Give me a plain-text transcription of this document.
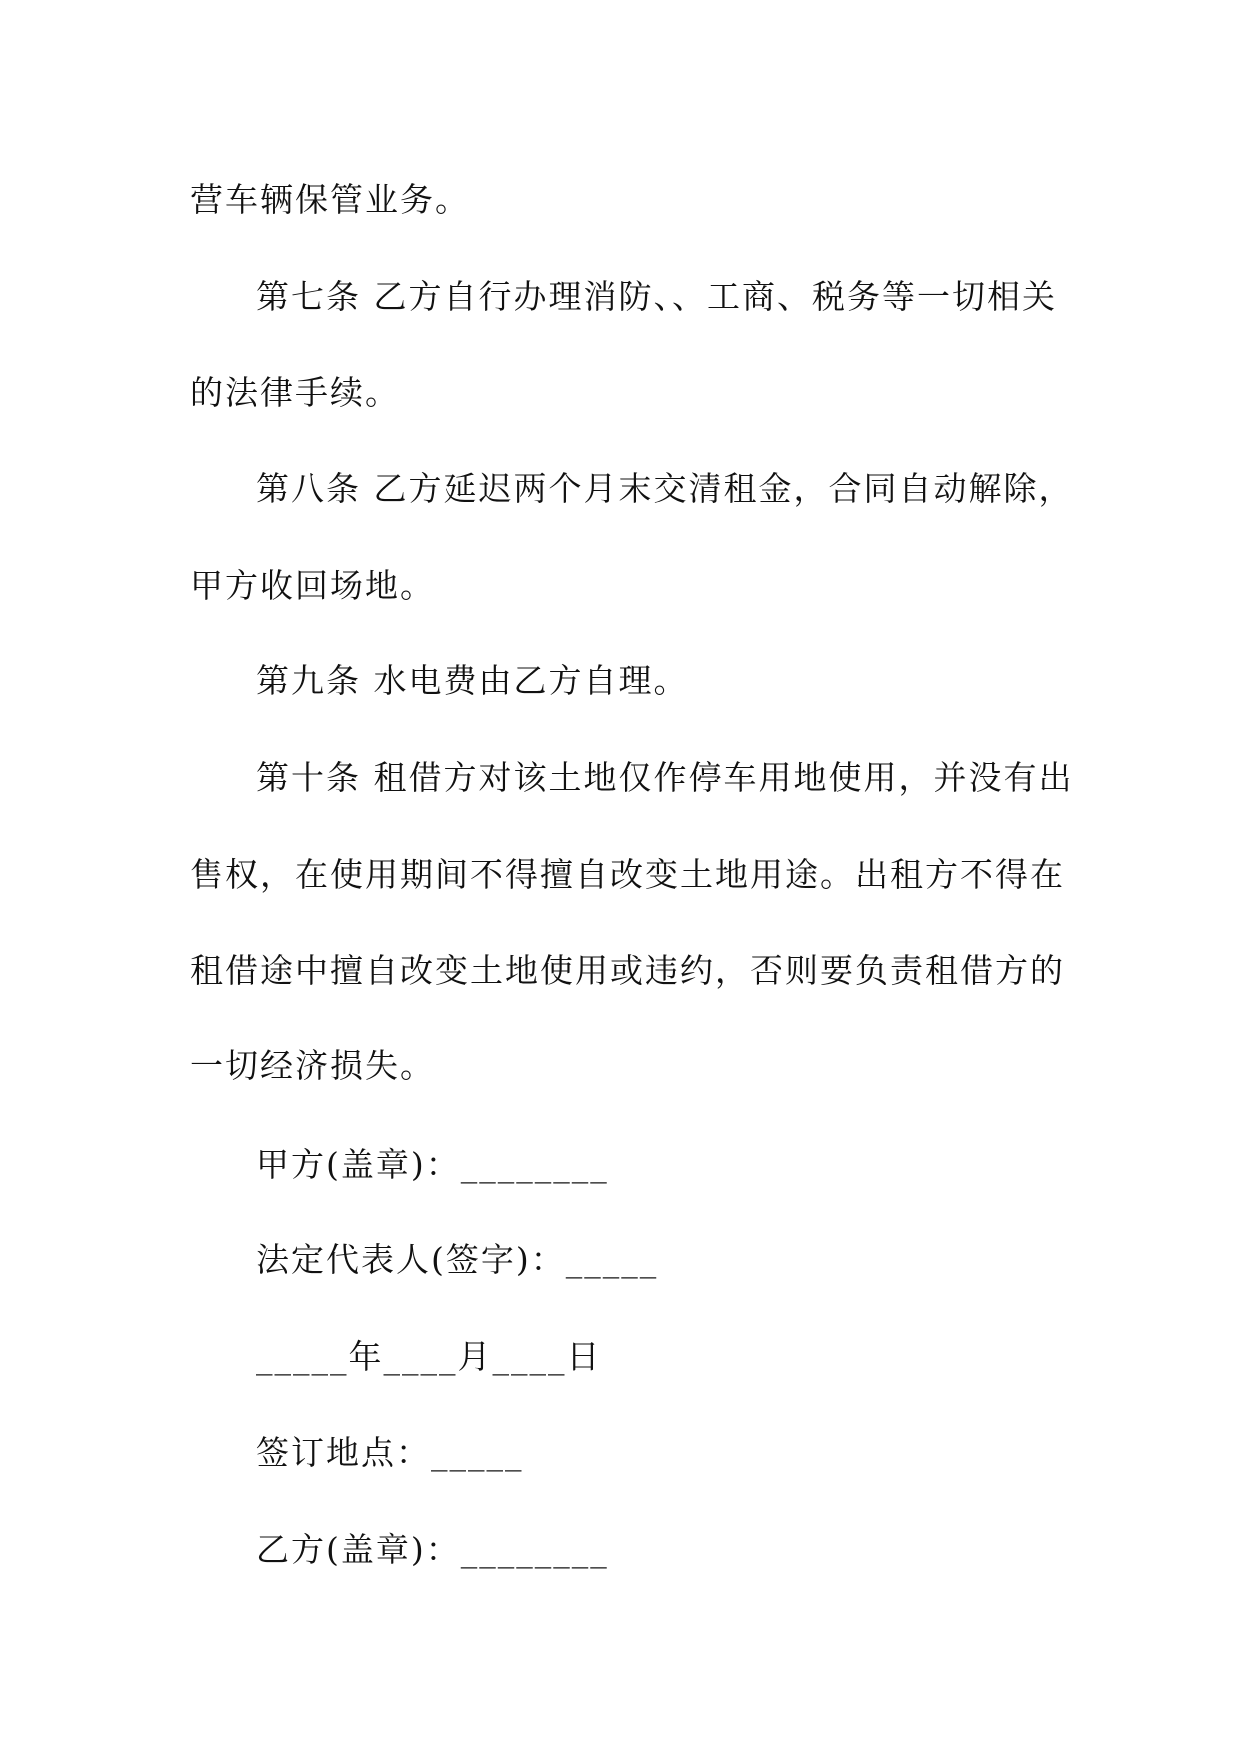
营车辆保管业务。
第七条 乙方自行办理消防、、工商、税务等一切相关
的法律手续。
第八条 乙方延迟两个月末交清租金，合同自动解除，
甲方收回场地。
第九条 水电费由乙方自理。
第十条 租借方对该土地仅作停车用地使用，并没有出
售权，在使用期间不得擅自改变土地用途。出租方不得在
租借途中擅自改变土地使用或违约，否则要负责租借方的
一切经济损失。
甲方(盖章)：________
法定代表人(签字)：_____
_____年____月____日
签订地点：_____
乙方(盖章)：________
